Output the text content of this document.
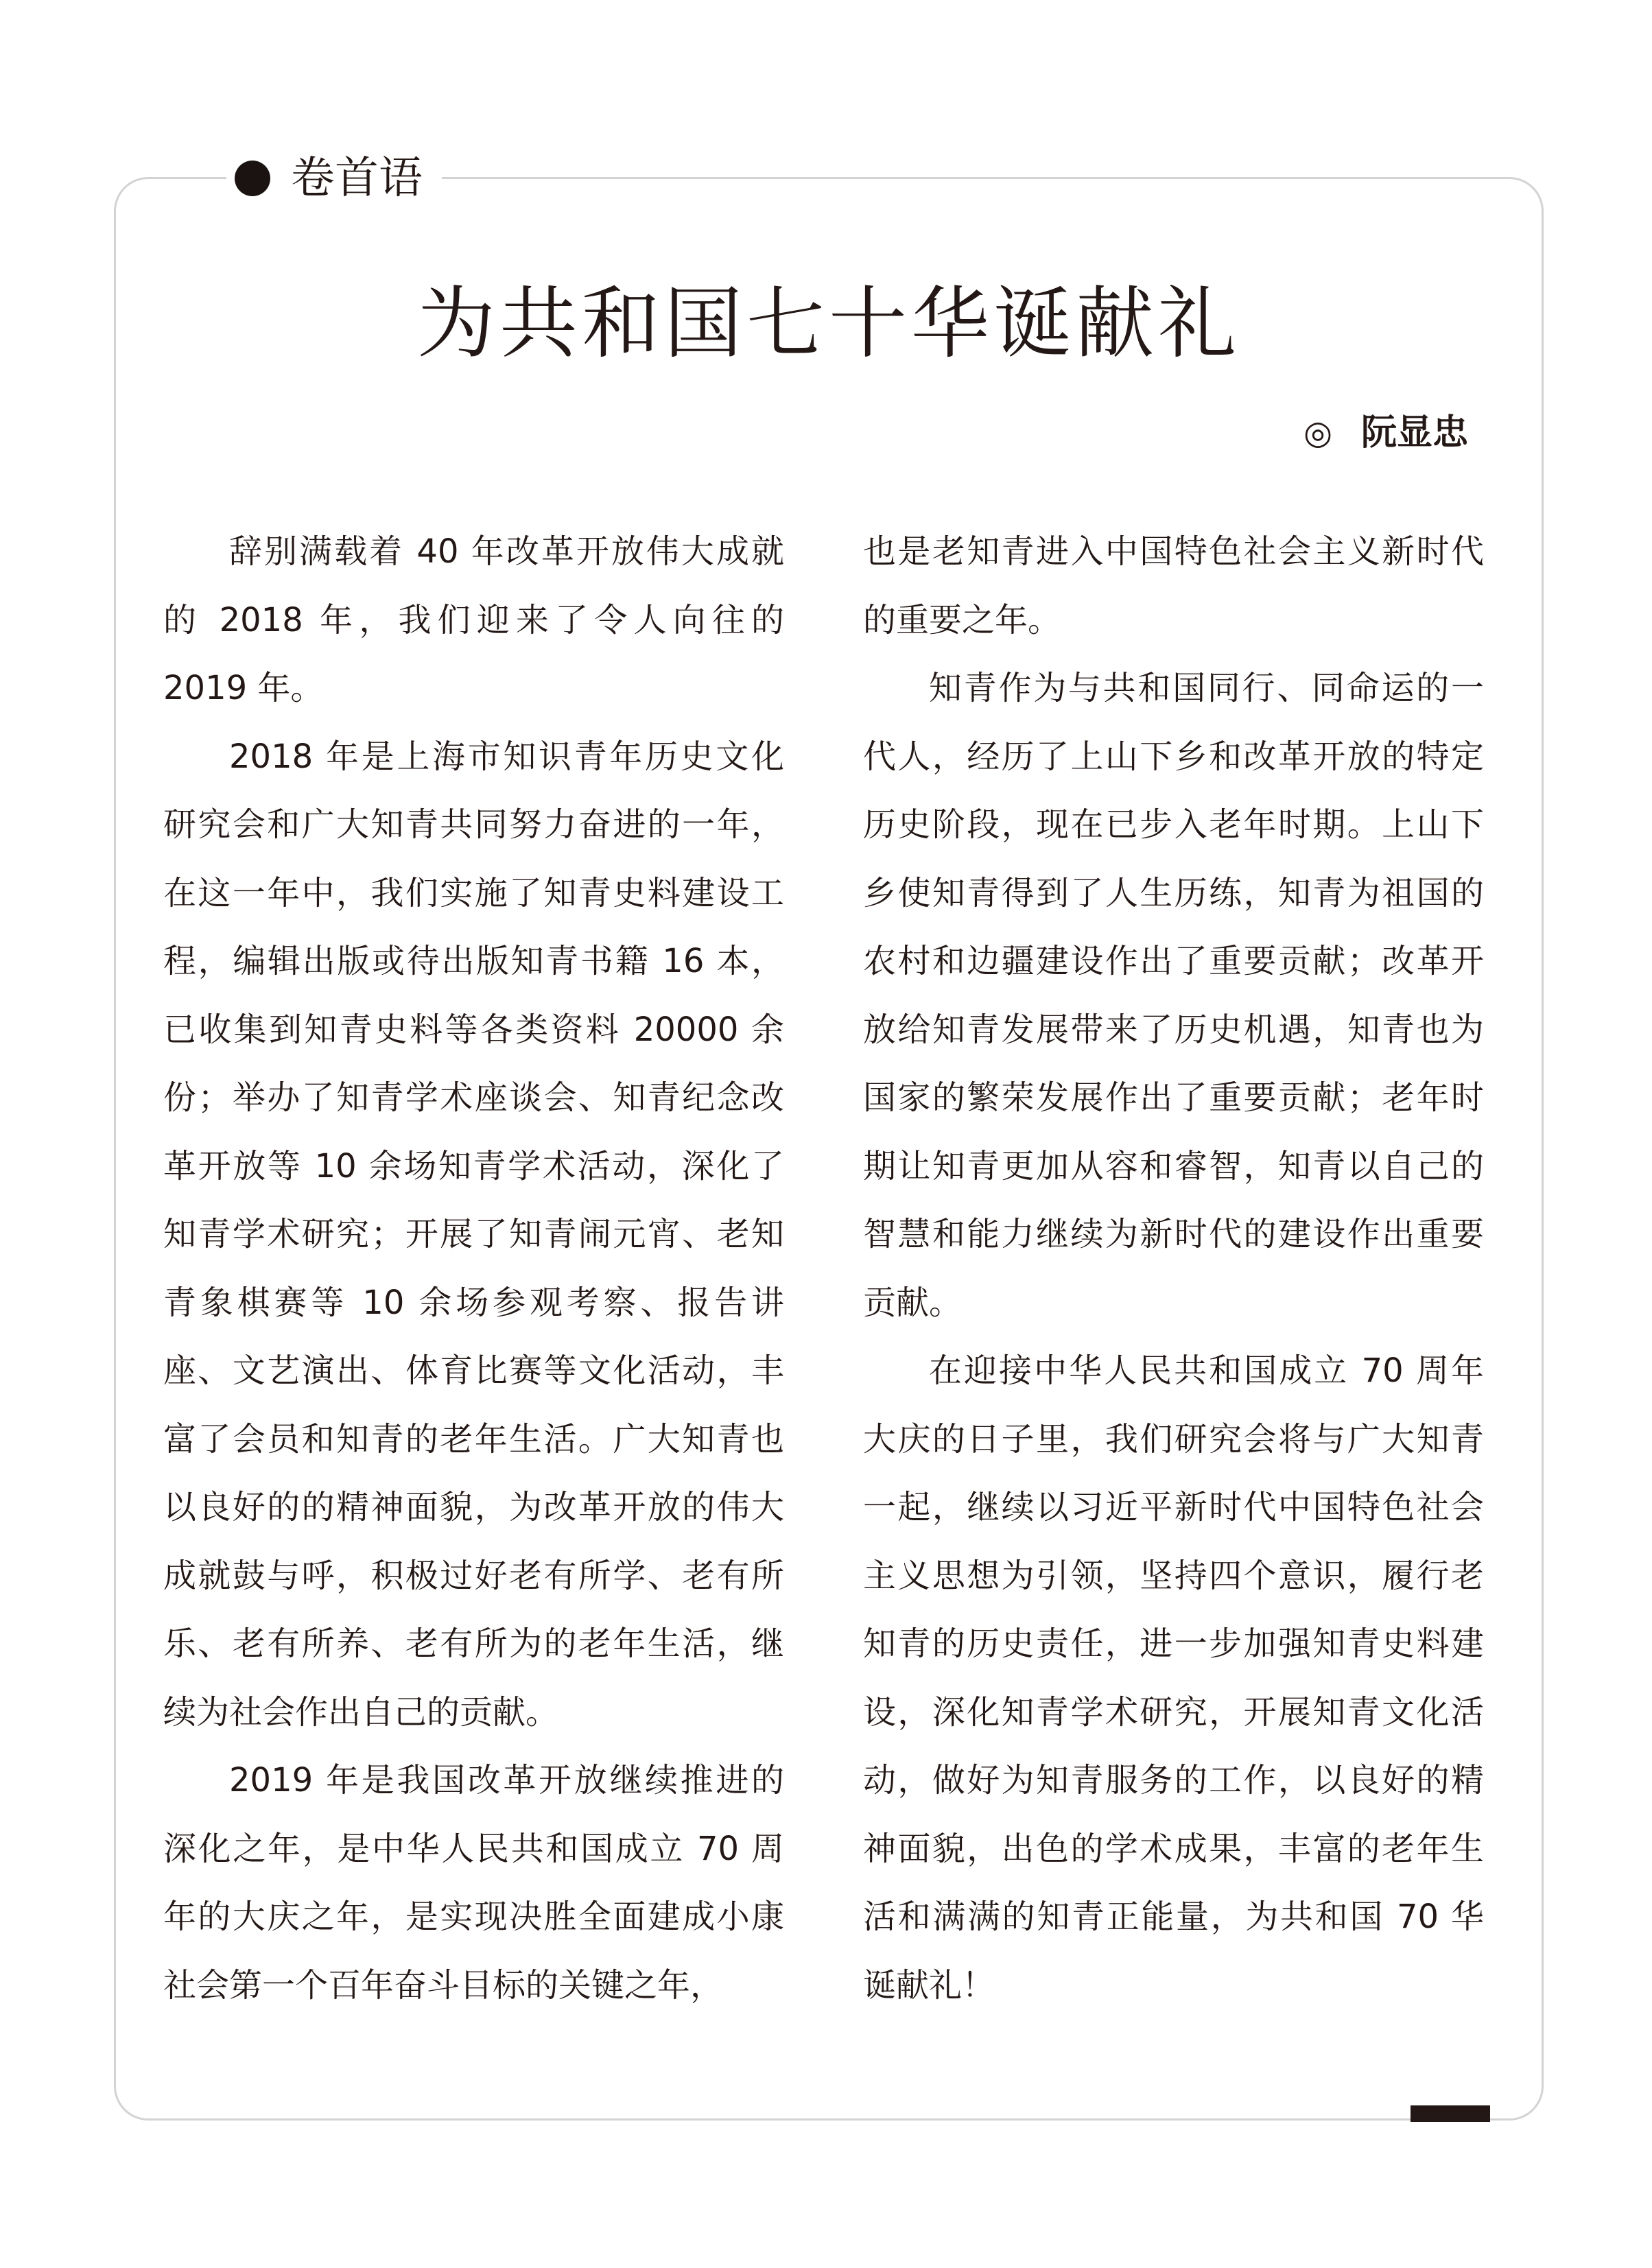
卷首语
为共和国七十华诞献礼
◎ 阮显忠

辞别满载着 40 年改革开放伟大成就的 2018 年，我们迎来了令人向往的 2019 年。

2018 年是上海市知识青年历史文化研究会和广大知青共同努力奋进的一年，在这一年中，我们实施了知青史料建设工程，编辑出版或待出版知青书籍 16 本，已收集到知青史料等各类资料 20000 余份；举办了知青学术座谈会、知青纪念改革开放等 10 余场知青学术活动，深化了知青学术研究；开展了知青闹元宵、老知青象棋赛等 10 余场参观考察、报告讲座、文艺演出、体育比赛等文化活动，丰富了会员和知青的老年生活。广大知青也以良好的的精神面貌，为改革开放的伟大成就鼓与呼，积极过好老有所学、老有所乐、老有所养、老有所为的老年生活，继续为社会作出自己的贡献。

2019 年是我国改革开放继续推进的深化之年，是中华人民共和国成立 70 周年的大庆之年，是实现决胜全面建成小康社会第一个百年奋斗目标的关键之年，

也是老知青进入中国特色社会主义新时代的重要之年。

知青作为与共和国同行、同命运的一代人，经历了上山下乡和改革开放的特定历史阶段，现在已步入老年时期。上山下乡使知青得到了人生历练，知青为祖国的农村和边疆建设作出了重要贡献；改革开放给知青发展带来了历史机遇，知青也为国家的繁荣发展作出了重要贡献；老年时期让知青更加从容和睿智，知青以自己的智慧和能力继续为新时代的建设作出重要贡献。

在迎接中华人民共和国成立 70 周年大庆的日子里，我们研究会将与广大知青一起，继续以习近平新时代中国特色社会主义思想为引领，坚持四个意识，履行老知青的历史责任，进一步加强知青史料建设，深化知青学术研究，开展知青文化活动，做好为知青服务的工作，以良好的精神面貌，出色的学术成果，丰富的老年生活和满满的知青正能量，为共和国 70 华诞献礼！
